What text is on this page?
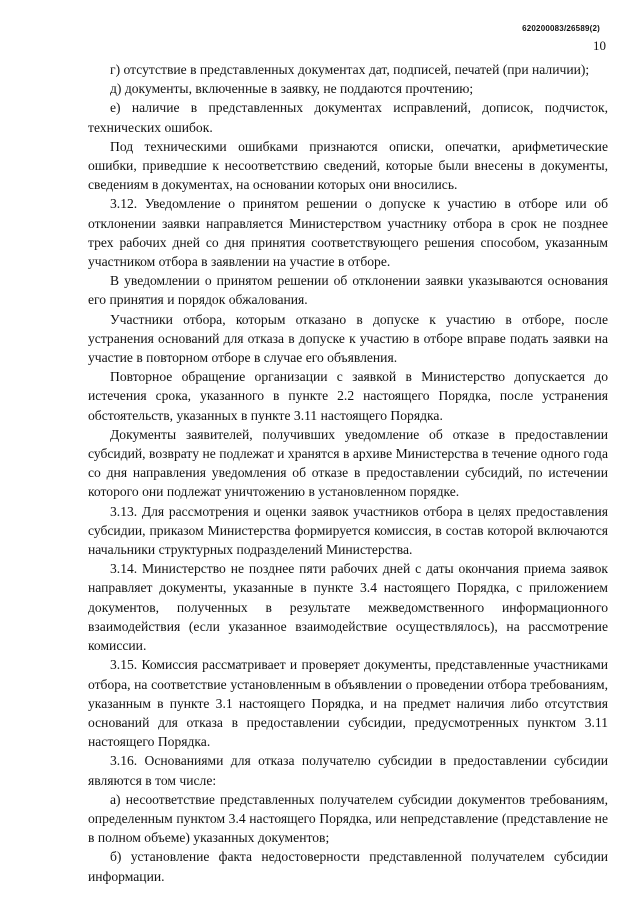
620200083/26589(2)
10

г) отсутствие в представленных документах дат, подписей, печатей (при наличии);

д) документы, включенные в заявку, не поддаются прочтению;

е) наличие в представленных документах исправлений, дописок, подчисток, технических ошибок.

Под техническими ошибками признаются описки, опечатки, арифметические ошибки, приведшие к несоответствию сведений, которые были внесены в документы, сведениям в документах, на основании которых они вносились.

3.12. Уведомление о принятом решении о допуске к участию в отборе или об отклонении заявки направляется Министерством участнику отбора в срок не позднее трех рабочих дней со дня принятия соответствующего решения способом, указанным участником отбора в заявлении на участие в отборе.

В уведомлении о принятом решении об отклонении заявки указываются основания его принятия и порядок обжалования.

Участники отбора, которым отказано в допуске к участию в отборе, после устранения оснований для отказа в допуске к участию в отборе вправе подать заявки на участие в повторном отборе в случае его объявления.

Повторное обращение организации с заявкой в Министерство допускается до истечения срока, указанного в пункте 2.2 настоящего Порядка, после устранения обстоятельств, указанных в пункте 3.11 настоящего Порядка.

Документы заявителей, получивших уведомление об отказе в предоставлении субсидий, возврату не подлежат и хранятся в архиве Министерства в течение одного года со дня направления уведомления об отказе в предоставлении субсидий, по истечении которого они подлежат уничтожению в установленном порядке.

3.13. Для рассмотрения и оценки заявок участников отбора в целях предоставления субсидии, приказом Министерства формируется комиссия, в состав которой включаются начальники структурных подразделений Министерства.

3.14. Министерство не позднее пяти рабочих дней с даты окончания приема заявок направляет документы, указанные в пункте 3.4 настоящего Порядка, с приложением документов, полученных в результате межведомственного информационного взаимодействия (если указанное взаимодействие осуществлялось), на рассмотрение комиссии.

3.15. Комиссия рассматривает и проверяет документы, представленные участниками отбора, на соответствие установленным в объявлении о проведении отбора требованиям, указанным в пункте 3.1 настоящего Порядка, и на предмет наличия либо отсутствия оснований для отказа в предоставлении субсидии, предусмотренных пунктом 3.11 настоящего Порядка.

3.16. Основаниями для отказа получателю субсидии в предоставлении субсидии являются в том числе:

а) несоответствие представленных получателем субсидии документов требованиям, определенным пунктом 3.4 настоящего Порядка, или непредставление (представление не в полном объеме) указанных документов;

б) установление факта недостоверности представленной получателем субсидии информации.
